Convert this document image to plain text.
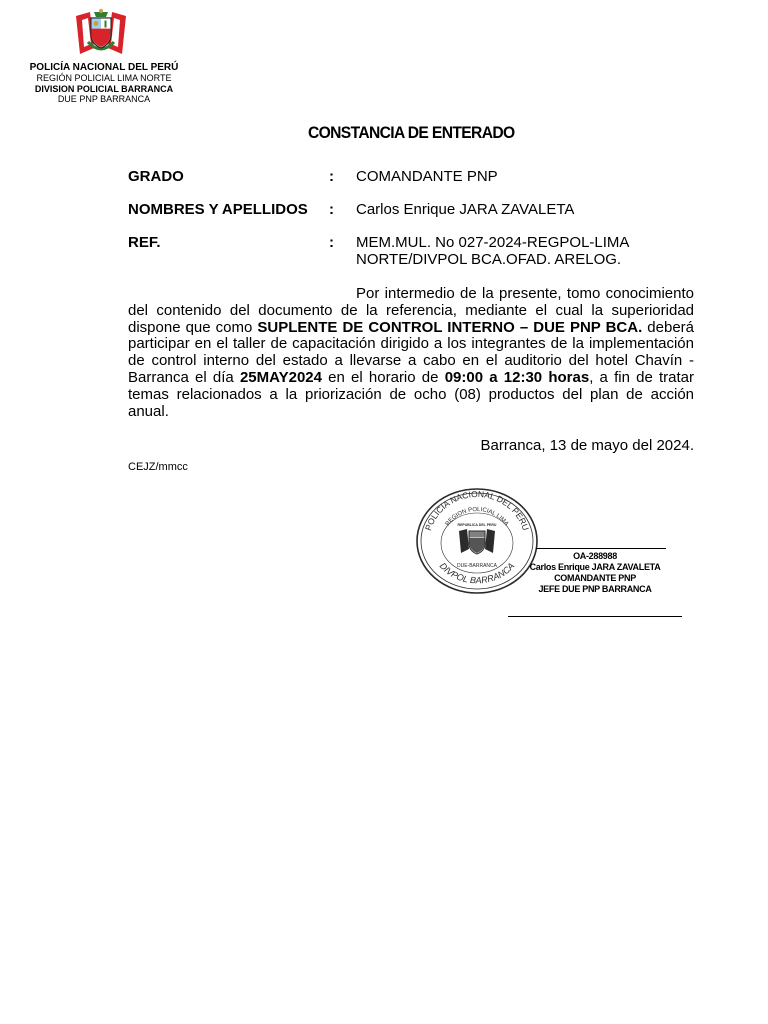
POLICÍA NACIONAL DEL PERÚ
REGIÓN POLICIAL LIMA NORTE
DIVISION POLICIAL BARRANCA
DUE PNP BARRANCA
CONSTANCIA DE ENTERADO
GRADO	: COMANDANTE PNP
NOMBRES Y APELLIDOS : Carlos Enrique JARA ZAVALETA
REF.	: MEM.MUL. No 027-2024-REGPOL-LIMA
NORTE/DIVPOL BCA.OFAD. ARELOG.
Por intermedio de la presente, tomo conocimiento del contenido del documento de la referencia, mediante el cual la superioridad dispone que como SUPLENTE DE CONTROL INTERNO – DUE PNP BCA. deberá participar en el taller de capacitación dirigido a los integrantes de la implementación de control interno del estado a llevarse a cabo en el auditorio del hotel Chavín - Barranca el día 25MAY2024 en el horario de 09:00 a 12:30 horas, a fin de tratar temas relacionados a la priorización de ocho (08) productos del plan de acción anual.
Barranca, 13 de mayo del 2024.
CEJZ/mmcc
POLICIA NACIONAL DEL PERU
REGION POLICIAL LIMA
DIVPOL BARRANCA
REPUBLICA DEL PERU
DUE-BARRANCA
OA-288988
Carlos Enrique JARA ZAVALETA
COMANDANTE PNP
JEFE DUE PNP BARRANCA
